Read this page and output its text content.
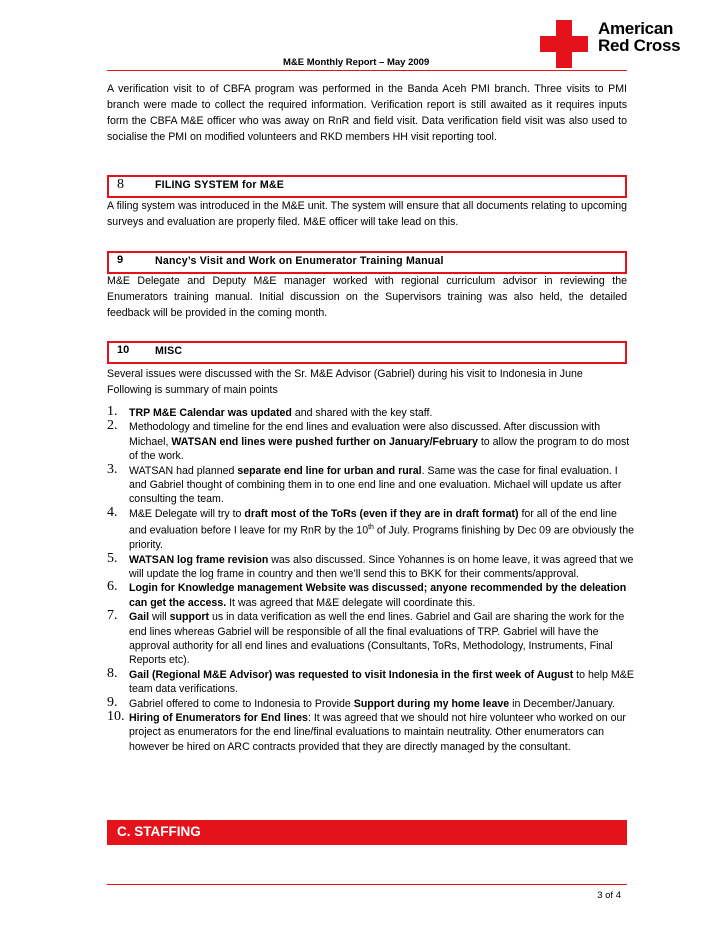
M&E Monthly Report – May 2009
American
Red Cross

A verification visit to of CBFA program was performed in the Banda Aceh PMI branch. Three visits to PMI branch were made to collect the required information. Verification report is still awaited as it requires inputs form the CBFA M&E officer who was away on RnR and field visit. Data verification field visit was also used to socialise the PMI on modified volunteers and RKD members HH visit reporting tool.

8	FILING SYSTEM for M&E

A filing system was introduced in the M&E unit. The system will ensure that all documents relating to upcoming surveys and evaluation are properly filed. M&E officer will take lead on this.

9	Nancy’s Visit and Work on Enumerator Training Manual

M&E Delegate and Deputy M&E manager worked with regional curriculum advisor in reviewing the Enumerators training manual. Initial discussion on the Supervisors training was also held, the detailed feedback will be provided in the coming month.

10 MISC

Several issues were discussed with the Sr. M&E Advisor (Gabriel) during his visit to Indonesia in June Following is summary of main points

1. TRP M&E Calendar was updated and shared with the key staff.
2. Methodology and timeline for the end lines and evaluation were also discussed. After discussion with Michael, WATSAN end lines were pushed further on January/February to allow the program to do most of the work.
3. WATSAN had planned separate end line for urban and rural. Same was the case for final evaluation. I and Gabriel thought of combining them in to one end line and one evaluation. Michael will update us after consulting the team.
4. M&E Delegate will try to draft most of the ToRs (even if they are in draft format) for all of the end line and evaluation before I leave for my RnR by the 10th of July. Programs finishing by Dec 09 are obviously the priority.
5. WATSAN log frame revision was also discussed. Since Yohannes is on home leave, it was agreed that we will update the log frame in country and then we’ll send this to BKK for their comments/approval.
6. Login for Knowledge management Website was discussed; anyone recommended by the deleation can get the access. It was agreed that M&E delegate will coordinate this.
7. Gail will support us in data verification as well the end lines. Gabriel and Gail are sharing the work for the end lines whereas Gabriel will be responsible of all the final evaluations of TRP. Gabriel will have the approval authority for all end lines and evaluations (Consultants, ToRs, Methodology, Instruments, Final Reports etc).
8. Gail (Regional M&E Advisor) was requested to visit Indonesia in the first week of August to help M&E team data verifications.
9. Gabriel offered to come to Indonesia to Provide Support during my home leave in December/January.
10. Hiring of Enumerators for End lines: It was agreed that we should not hire volunteer who worked on our project as enumerators for the end line/final evaluations to maintain neutrality. Other enumerators can however be hired on ARC contracts provided that they are directly managed by the consultant.
C. STAFFING
3 of 4
